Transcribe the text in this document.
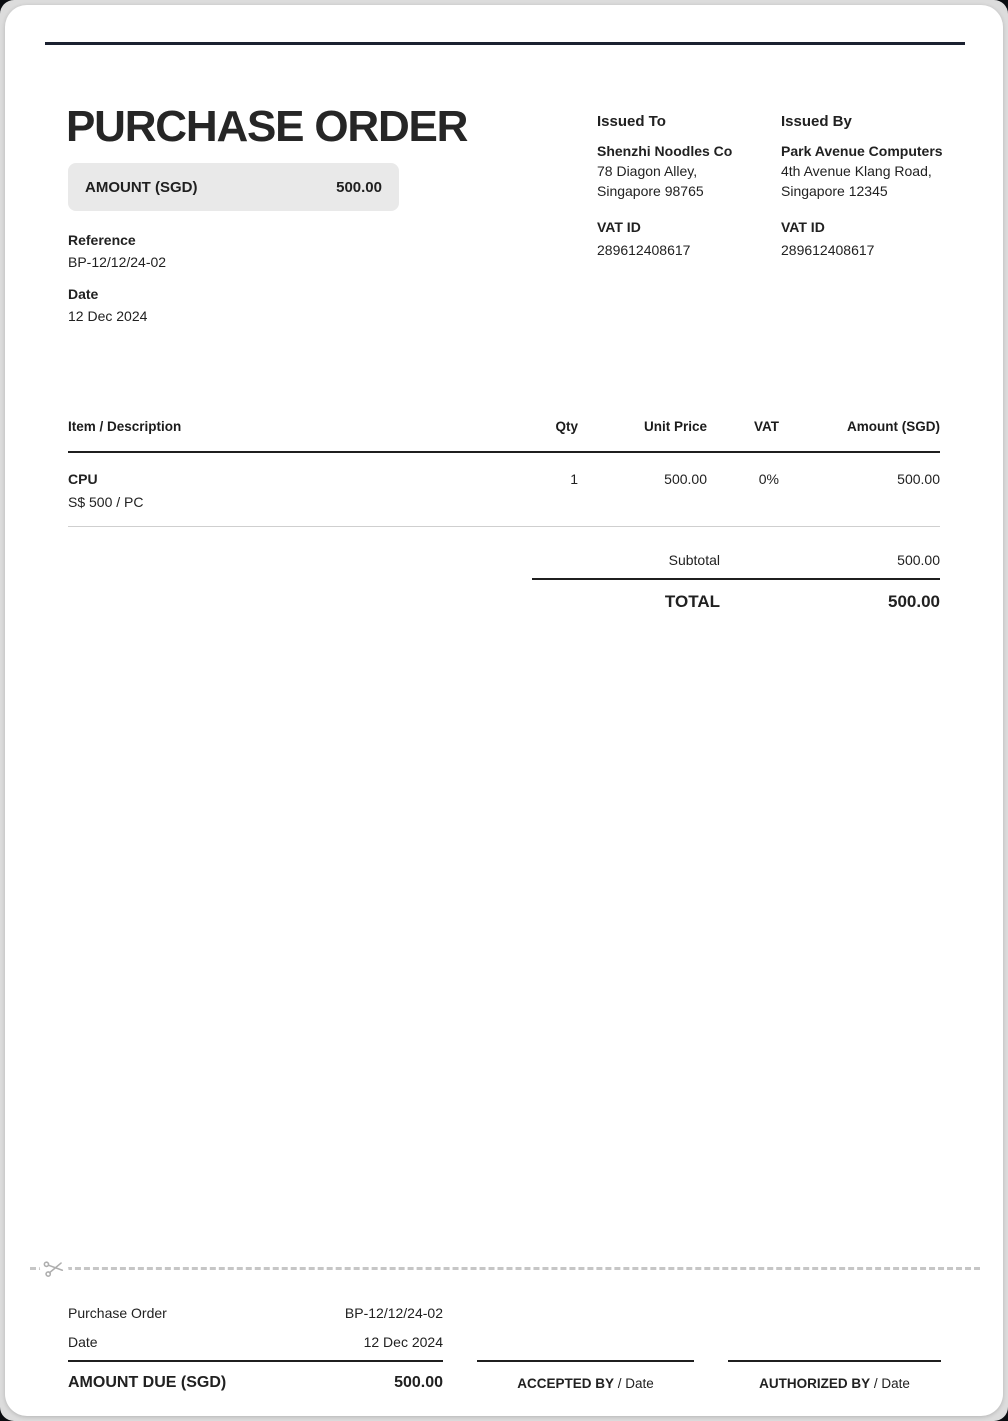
PURCHASE ORDER
AMOUNT (SGD)	500.00
Reference
BP-12/12/24-02
Date
12 Dec 2024
Issued To
Shenzhi Noodles Co
78 Diagon Alley,
Singapore 98765
VAT ID
289612408617
Issued By
Park Avenue Computers
4th Avenue Klang Road,
Singapore 12345
VAT ID
289612408617
Item / Description	Qty	Unit Price	VAT	Amount (SGD)
CPU
S$ 500 / PC
1	500.00	0%	500.00
Subtotal	500.00
TOTAL	500.00
Purchase Order	BP-12/12/24-02
Date	12 Dec 2024
AMOUNT DUE (SGD)	500.00	ACCEPTED BY / Date	AUTHORIZED BY / Date
